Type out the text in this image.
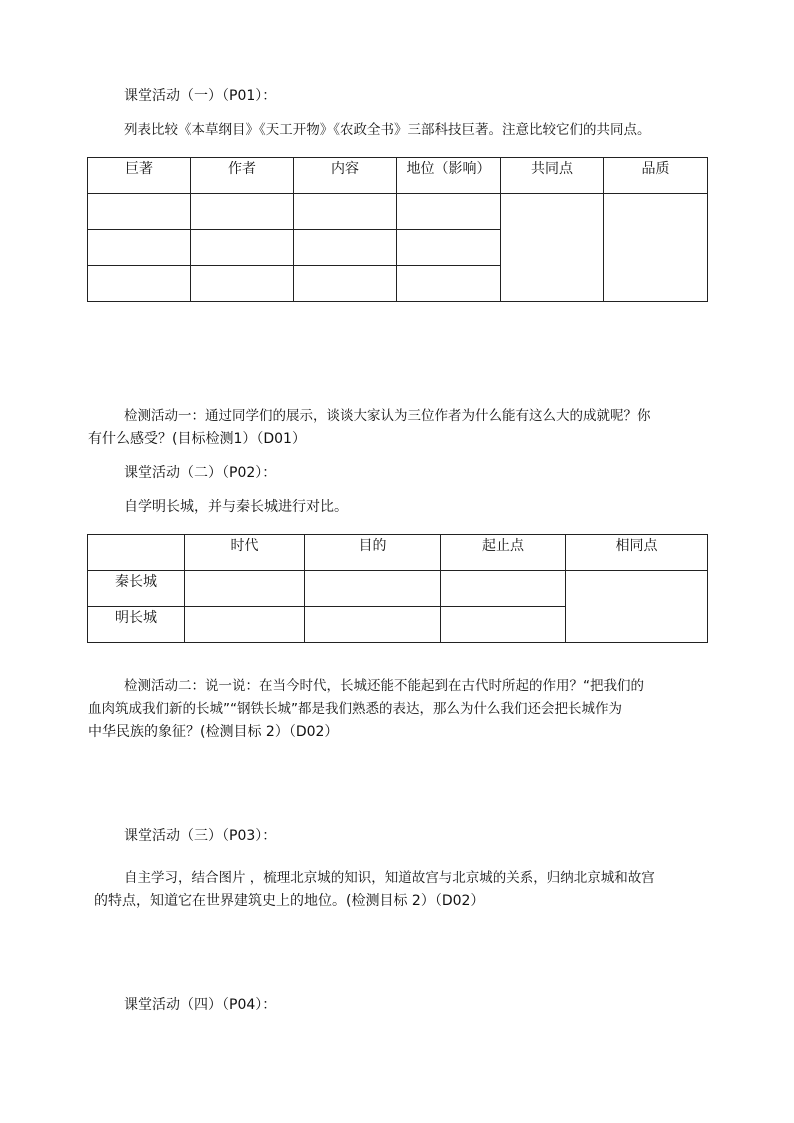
课堂活动（一）（P01）：
列表比较《本草纲目》《天工开物》《农政全书》三部科技巨著。注意比较它们的共同点。
巨著	作者	内容	地位（影响）	共同点	品质

检测活动一：通过同学们的展示，谈谈大家认为三位作者为什么能有这么大的成就呢？你
有什么感受？(目标检测1）（D01）
课堂活动（二）（P02）：
自学明长城，并与秦长城进行对比。

	时代	目的	起止点	相同点

秦长城				

明长城				

检测活动二：说一说：在当今时代，长城还能不能起到在古代时所起的作用？“把我们的
血肉筑成我们新的长城”“钢铁长城”都是我们熟悉的表达，那么为什么我们还会把长城作为
中华民族的象征？(检测目标 2）（D02）
课堂活动（三）（P03）：
自主学习，结合图片 ，梳理北京城的知识，知道故宫与北京城的关系，归纳北京城和故宫
的特点，知道它在世界建筑史上的地位。(检测目标 2）（D02）
课堂活动（四）（P04）：
